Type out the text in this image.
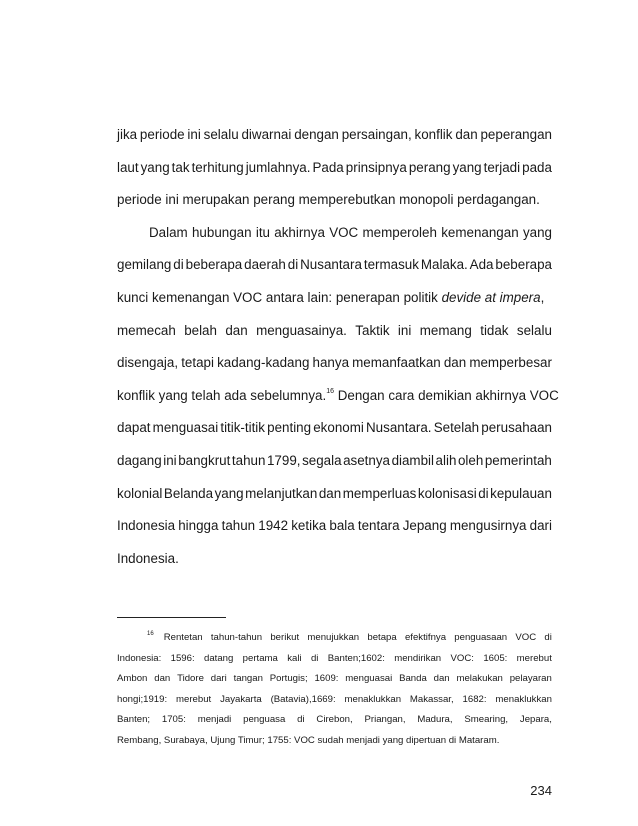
jika periode ini selalu diwarnai dengan persaingan, konflik dan peperangan
laut yang tak terhitung jumlahnya. Pada prinsipnya perang yang terjadi pada
periode ini merupakan perang memperebutkan monopoli perdagangan.
Dalam hubungan itu akhirnya VOC memperoleh kemenangan yang
gemilang di beberapa daerah di Nusantara termasuk Malaka. Ada beberapa
kunci kemenangan VOC antara lain: penerapan politik devide at impera,
memecah belah dan menguasainya. Taktik ini memang tidak selalu
disengaja, tetapi kadang-kadang hanya memanfaatkan dan memperbesar
konflik yang telah ada sebelumnya.$^{16}$ Dengan cara demikian akhirnya VOC
dapat menguasai titik-titik penting ekonomi Nusantara. Setelah perusahaan
dagang ini bangkrut tahun 1799, segala asetnya diambil alih oleh pemerintah
kolonial Belanda yang melanjutkan dan memperluas kolonisasi di kepulauan
Indonesia hingga tahun 1942 ketika bala tentara Jepang mengusirnya dari
Indonesia.
$^{16}$	Rentetan tahun-tahun berikut menujukkan betapa efektifnya penguasaan VOC di
Indonesia: 1596: datang pertama kali di Banten;1602: mendirikan VOC: 1605: merebut
Ambon dan Tidore dari tangan Portugis; 1609: menguasai Banda dan melakukan pelayaran
hongi;1919: merebut Jayakarta (Batavia),1669: menaklukkan Makassar, 1682: menaklukkan
Banten; 1705: menjadi penguasa di Cirebon, Priangan, Madura, Smearing, Jepara,
Rembang, Surabaya, Ujung Timur; 1755: VOC sudah menjadi yang dipertuan di Mataram.
234
